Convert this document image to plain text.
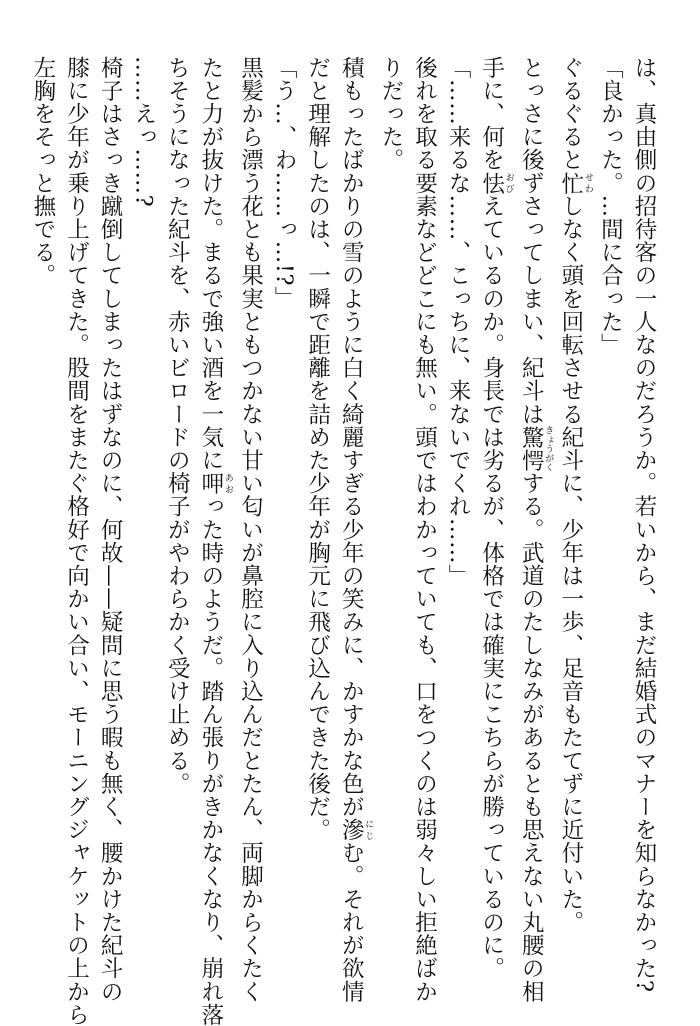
は、真由側の招待客の一人なのだろうか。若いから、まだ結婚式のマナーを知らなかった?
「良かった。…間に合った」
ぐるぐると忙 せわしなく頭を回転させる紀斗に、少年は一歩、足音もたてずに近付いた。
とっさに後ずさってしまい、紀斗は驚愕 きょうがくする。武道のたしなみがあるとも思えない丸腰の相
手に、何を怯 おびえているのか。身長では劣るが、体格では確実にこちらが勝っているのに。
「……来るな……、こっちに、来ないでくれ……」
後れを取る要素などどこにも無い。頭ではわかっていても、口をつくのは弱々しい拒絶ばか
りだった。
積もったばかりの雪のように白く綺麗すぎる少年の笑みに、かすかな色が滲 にじむ。それが欲情
だと理解したのは、一瞬で距離を詰めた少年が胸元に飛び込んできた後だ。
「う…、わ……っ…!?」
黒髪から漂う花とも果実ともつかない甘い匂いが鼻腔に入り込んだとたん、両脚からくたく
たと力が抜けた。まるで強い酒を一気に呷 あおった時のようだ。踏ん張りがきかなくなり、崩れ落
ちそうになった紀斗を、赤いビロードの椅子がやわらかく受け止める。
……えっ……?
椅子はさっき蹴倒してしまったはずなのに、何故——疑問に思う暇も無く、腰かけた紀斗の
膝に少年が乗り上げてきた。股間をまたぐ格好で向かい合い、モーニングジャケットの上から
左胸をそっと撫でる。
